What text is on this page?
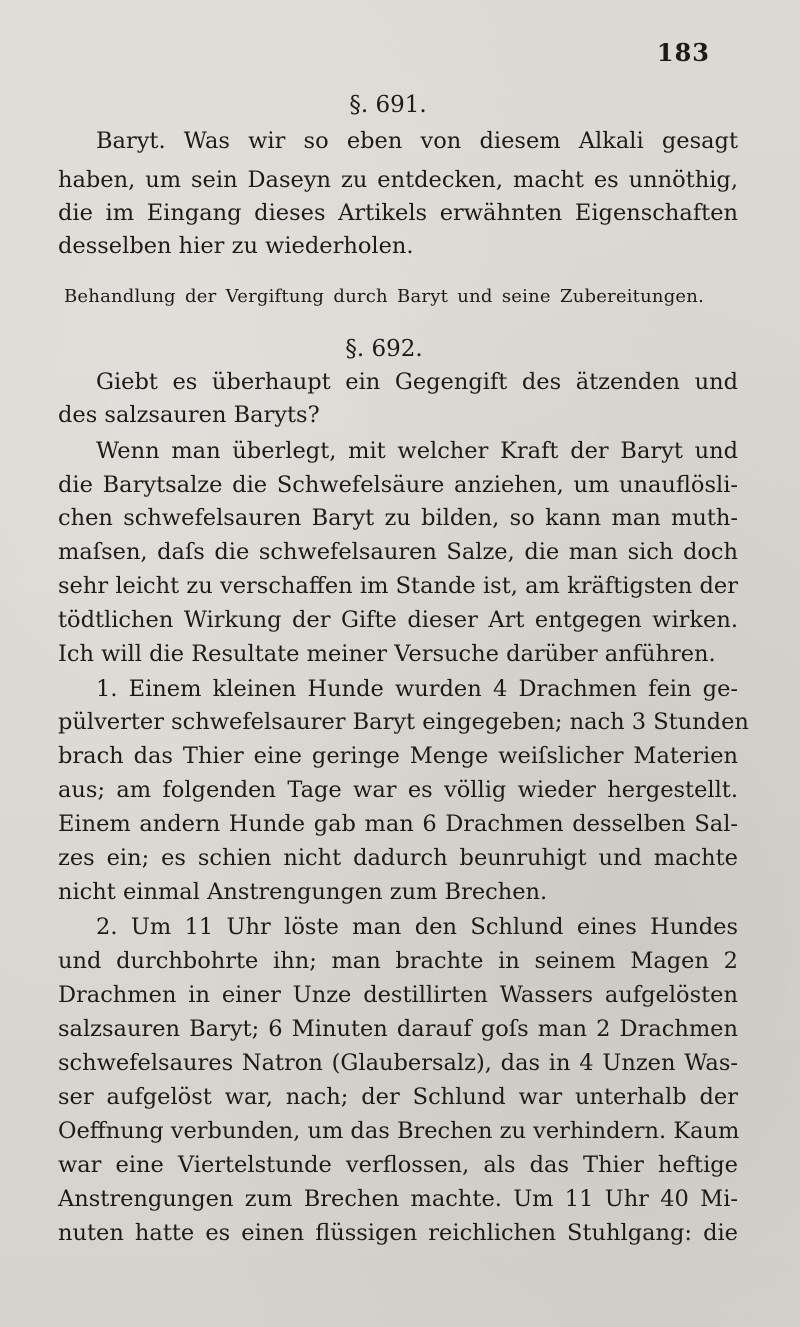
183
§. 691.
Baryt. Was wir so eben von diesem Alkali gesagt
haben, um sein Daseyn zu entdecken, macht es unnöthig,
die im Eingang dieses Artikels erwähnten Eigenschaften
desselben hier zu wiederholen.
Behandlung der Vergiftung durch Baryt und seine Zubereitungen.
§. 692.
Giebt es überhaupt ein Gegengift des ätzenden und
des salzsauren Baryts?
Wenn man überlegt, mit welcher Kraft der Baryt und
die Barytsalze die Schwefelsäure anziehen, um unauflösli-
chen schwefelsauren Baryt zu bilden, so kann man muth-
maſsen, daſs die schwefelsauren Salze, die man sich doch
sehr leicht zu verschaffen im Stande ist, am kräftigsten der
tödtlichen Wirkung der Gifte dieser Art entgegen wirken.
Ich will die Resultate meiner Versuche darüber anführen.
1. Einem kleinen Hunde wurden 4 Drachmen fein ge-
pülverter schwefelsaurer Baryt eingegeben; nach 3 Stunden
brach das Thier eine geringe Menge weiſslicher Materien
aus; am folgenden Tage war es völlig wieder hergestellt.
Einem andern Hunde gab man 6 Drachmen desselben Sal-
zes ein; es schien nicht dadurch beunruhigt und machte
nicht einmal Anstrengungen zum Brechen.
2. Um 11 Uhr löste man den Schlund eines Hundes
und durchbohrte ihn; man brachte in seinem Magen 2
Drachmen in einer Unze destillirten Wassers aufgelösten
salzsauren Baryt; 6 Minuten darauf goſs man 2 Drachmen
schwefelsaures Natron (Glaubersalz), das in 4 Unzen Was-
ser aufgelöst war, nach; der Schlund war unterhalb der
Oeffnung verbunden, um das Brechen zu verhindern. Kaum
war eine Viertelstunde verflossen, als das Thier heftige
Anstrengungen zum Brechen machte. Um 11 Uhr 40 Mi-
nuten hatte es einen flüssigen reichlichen Stuhlgang: die
